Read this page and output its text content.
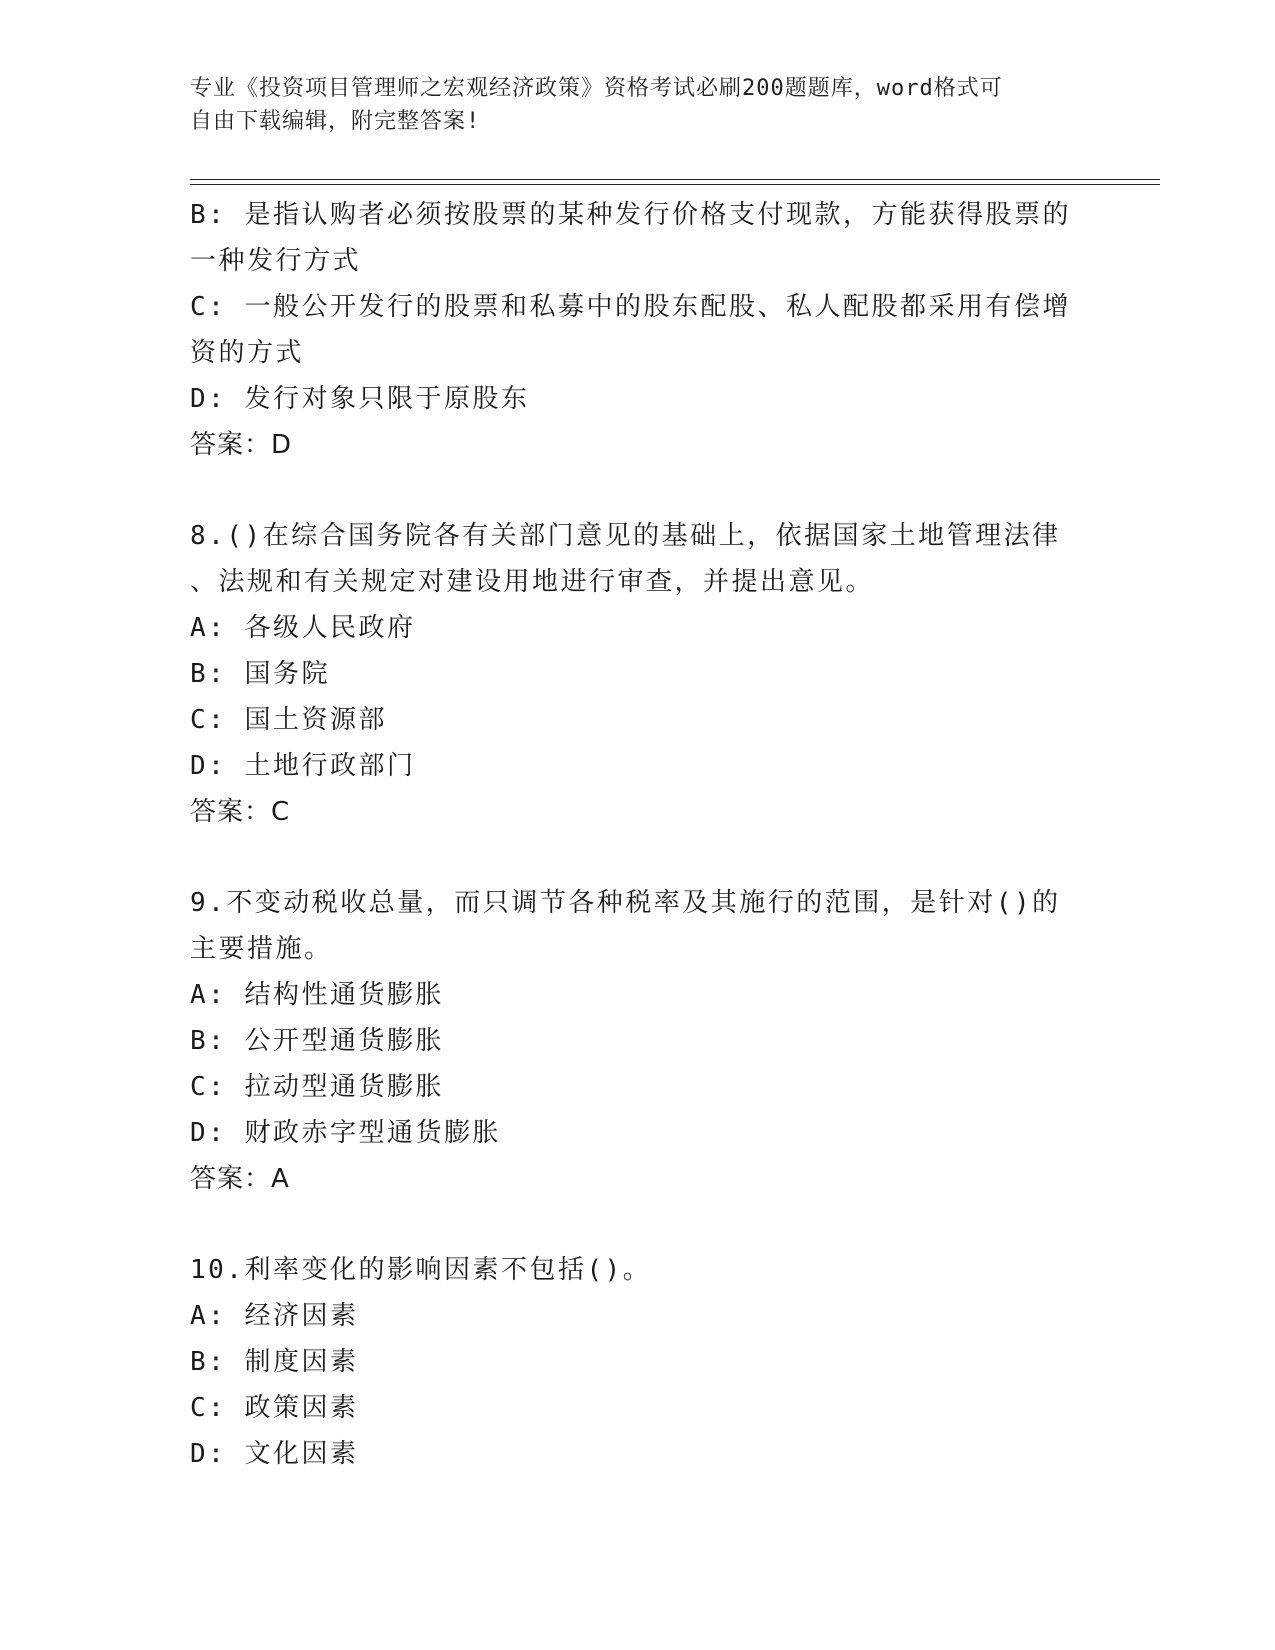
专业《投资项目管理师之宏观经济政策》资格考试必刷200题题库，word格式可
自由下载编辑，附完整答案!

B: 是指认购者必须按股票的某种发行价格支付现款，方能获得股票的

一种发行方式

C: 一般公开发行的股票和私募中的股东配股、私人配股都采用有偿增

资的方式

D: 发行对象只限于原股东

答案：D

8.()在综合国务院各有关部门意见的基础上，依据国家土地管理法律

、法规和有关规定对建设用地进行审查，并提出意见。

A: 各级人民政府

B: 国务院

C: 国土资源部

D: 土地行政部门

答案：C

9.不变动税收总量，而只调节各种税率及其施行的范围，是针对()的

主要措施。

A: 结构性通货膨胀

B: 公开型通货膨胀

C: 拉动型通货膨胀

D: 财政赤字型通货膨胀

答案：A

10.利率变化的影响因素不包括()。

A: 经济因素

B: 制度因素

C: 政策因素

D: 文化因素
